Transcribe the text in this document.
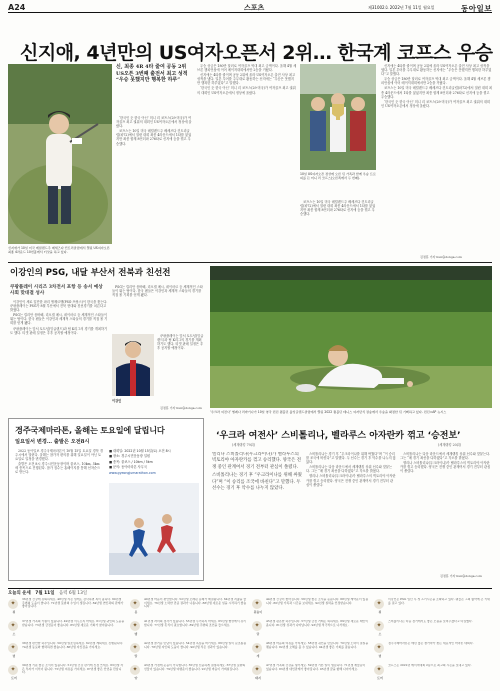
A24	스포츠	제31002호 2022년 7월 11일 월요일	동아일보
신지애, 4년만의 US여자오픈서 2위… 한국계 코프스 우승
신지애가 10일 미국 메릴랜드주 베세즈다 컨트리클럽에서 열린 US여자오픈 최종 4라운드 10번홀에서 티샷을 하고 있다.
신, 최종 4R 4타 줄여 공동 2위 US오픈 3번째 출전서 최고 성적 “우승 못했지만 행복한 하루”

‘한국인 듯 한국 아닌’ 미니 리 코프스(29·미국)가 여자골프 최고 권위의 대회인 US여자오픈에서 정상에 올랐다.

코프스는 10일 미국 메릴랜드주 베세즈다 컨트리클럽(파72)에서 열린 대회 최종 4라운드에서 1타를 잃었지만 최종 합계 8언더파 276타로 신지애 등을 꺾고 우승했다.

우승 상금은 180만 달러로 여자골프 역대 최고 금액이다. 올해 4월 셰브론 챔피언십에 이어 메이저대회에서만 2승을 거뒀다.

신지애는 4타를 줄이며 공동 2위에 올라 US여자오픈 출전 사상 최고 성적을 냈다. 일본 투어를 주무대로 활동하는 신지애는 “우승은 못했지만 행복한 하루였다”고 말했다.

‘한국인 듯 한국 아닌’ 미니 리 코프스(29·미국)가 여자골프 최고 권위의 대회인 US여자오픈에서 정상에 올랐다.

10일 US여자오픈 정상에 오른 뒤 가족과 함께 우승 트로피를 든 미니 리 코프스(오른쪽에서 두 번째).

코프스는 10일 미국 메릴랜드주 베세즈다 컨트리클럽(파72)에서 열린 대회 최종 4라운드에서 1타를 잃었지만 최종 합계 8언더파 276타로 신지애 등을 꺾고 우승했다.

신지애는 4타를 줄이며 공동 2위에 올라 US여자오픈 출전 사상 최고 성적을 냈다. 일본 투어를 주무대로 활동하는 신지애는 “우승은 못했지만 행복한 하루였다”고 말했다.

우승 상금은 180만 달러로 여자골프 역대 최고 금액이다. 올해 4월 셰브론 챔피언십에 이어 메이저대회에서만 2승을 거뒀다.

코프스는 10일 미국 메릴랜드주 베세즈다 컨트리클럽(파72)에서 열린 대회 최종 4라운드에서 1타를 잃었지만 최종 합계 8언더파 276타로 신지애 등을 꺾고 우승했다.

‘한국인 듯 한국 아닌’ 미니 리 코프스(29·미국)가 여자골프 최고 권위의 대회인 US여자오픈에서 정상에 올랐다.

김정훈 기자 hun@donga.com
이강인의 PSG, 내달 부산서 전북과 친선전
쿠팡플레이 시리즈 3차전서 포항 등 송서 예상 사회 맞대결 성사

이강인이 새로 입단한 파리 생제르맹(PSG·프랑스)이 한국을 찾는다. 쿠팡플레이는 PSG가 8월 부산에서 전북 현대와 친선경기를 치른다고 밝혔다.

PSG는 킬리안 음바페, 리오넬 메시, 네이마르 등 세계적인 스타들이 뛰는 팀이다. 한국 팬들은 이강인과 세계적 스타들의 경기를 직접 볼 기회를 얻게 됐다.

쿠팡플레이는 앞서 토트넘(잉글랜드)과 팀 K리그의 경기를 개최하기도 했다. 티켓 판매 일정은 추후 공지할 예정이다.

PSG는 킬리안 음바페, 리오넬 메시, 네이마르 등 세계적인 스타들이 뛰는 팀이다. 한국 팬들은 이강인과 세계적 스타들의 경기를 직접 볼 기회를 얻게 됐다.

이강인

쿠팡플레이는 앞서 토트넘(잉글랜드)과 팀 K리그의 경기를 개최하기도 했다. 티켓 판매 일정은 추후 공지할 예정이다.

김정훈 기자 hun@donga.com
‘우크라 여전사’ 엘레나 리바키나가 10일 영국 런던 윔블던 올잉글랜드클럽에서 열린 2022 윔블던 테니스 여자단식 결승에서 우승을 확정한 뒤 기뻐하고 있다. 런던=AP 뉴시스
‘우크라 여전사’ 스비톨리나, 벨라루스 아자란카 꺾고 ‘승전보’
(세계랭킹 79위)	(세계랭킹 20위)

엘리나 스비톨리나(우크라이나)가 벨라루스의 빅토리야 아자란카를 꺾고 승리했다. 양국은 전쟁 중인 관계여서 경기 전부터 관심이 쏠렸다.

스비톨리나는 경기 후 “우크라이나를 위해 싸웠다”며 “이 승리를 조국에 바친다”고 말했다. 두 선수는 경기 후 악수를 나누지 않았다.

스비톨리나는 경기 후 “우크라이나를 위해 싸웠다”며 “이 승리를 조국에 바친다”고 말했다. 두 선수는 경기 후 악수를 나누지 않았다.

스비톨리나는 다음 라운드에서 세계랭킹 상위 선수와 맞붙는다. 그는 “매 경기 최선을 다하겠다”고 각오를 밝혔다.

엘리나 스비톨리나(우크라이나)가 벨라루스의 빅토리야 아자란카를 꺾고 승리했다. 양국은 전쟁 중인 관계여서 경기 전부터 관심이 쏠렸다.

스비톨리나는 다음 라운드에서 세계랭킹 상위 선수와 맞붙는다. 그는 “매 경기 최선을 다하겠다”고 각오를 밝혔다.

엘리나 스비톨리나(우크라이나)가 벨라루스의 빅토리야 아자란카를 꺾고 승리했다. 양국은 전쟁 중인 관계여서 경기 전부터 관심이 쏠렸다.

김정훈 기자 hun@donga.com
경주국제마라톤, 올해는 토요일에 달립니다
일요일서 변경… 출발은 오전8시

2022 동아일보 경주국제마라톤이 10월 15일 토요일 경북 경주시에서 열린다. 올해는 참가자 편의를 위해 일요일이 아닌 토요일로 일정을 변경했다.

출발은 오전 8시 경주시민운동장이며 풀코스, 10km, 5km 세 종목으로 진행된다. 참가 접수는 홈페이지를 통해 선착순으로 받는다.

■ 대회일: 2022년 10월 15일(토) 오전 8시
■ 장소: 경주시민운동장 일원
■ 종목: 풀코스 / 10km / 5km
■ 문의: 동아마라톤 사무국
www.gyeongjumarathon.com
오늘의 운세 7월 11일 음력 6월 13일
✦
쥐
36년생 건강에 유의하세요. 48년생 작은 일에도 감사하면 복이 옵니다. 60년생 주변의 도움이 큽니다. 72년생 뜻밖의 수입이 생깁니다. 84년생 연인과의 관계가 좋아집니다.
✦
소
37년생 가족의 기쁨이 있습니다. 49년생 서두르지 마세요. 61년생 귀인의 도움을 받습니다. 73년생 금전운이 좋습니다. 85년생 새로운 기회가 찾아옵니다.
✦
범
38년생 편안한 하루입니다. 50년생 말조심하세요. 62년생 계획대로 진행됩니다. 74년생 동료와 협력하면 좋습니다. 86년생 자신감을 가지세요.
✦
토끼
39년생 기분 좋은 소식이 있습니다. 51년생 건강 관리에 신경 쓰세요. 63년생 작은 투자가 이익이 됩니다. 75년생 여유를 가지세요. 87년생 좋은 인연을 만납니다.
✦
용
40년생 마음이 편안합니다. 52년생 오래된 문제가 해결됩니다. 64년생 지출을 줄이세요. 76년생 노력한 만큼 결과가 나옵니다. 88년생 새로운 일을 시작하기 좋습니다.
✦
뱀
41년생 자녀의 경사가 있습니다. 53년생 무리하지 마세요. 65년생 협상에서 유리합니다. 77년생 휴식이 필요합니다. 89년생 주변의 조언을 들으세요.
✦
말
42년생 즐거운 만남이 있습니다. 54년생 욕심을 버리세요. 66년생 일이 순조롭습니다. 78년생 지인의 도움이 큽니다. 90년생 작은 성과가 있습니다.
✦
양
43년생 가정에 웃음이 가득합니다. 55년생 신중하게 결정하세요. 67년생 뜻밖의 선물이 있습니다. 79년생 여행운이 좋습니다. 91년생 마음이 가벼워집니다.
✦
원숭이
44년생 건강이 좋아집니다. 56년생 좋은 소식을 듣습니다. 68년생 계약운이 있습니다. 80년생 가족과 시간을 보내세요. 92년생 실력을 인정받습니다.
✦
닭
45년생 평온한 하루입니다. 57년생 금전 거래는 피하세요. 69년생 새로운 제안이 옵니다. 81년생 성과가 나타납니다. 93년생 적극적으로 나서세요.
✦
개
46년생 마음의 여유를 가지세요. 58년생 귀인을 만납니다. 70년생 노력이 결실을 맺습니다. 82년생 오해를 풀 수 있습니다. 94년생 좋은 기회를 잡습니다.
✦
돼지
47년생 가족의 건강을 챙기세요. 59년생 기쁜 일이 생깁니다. 71년생 재물운이 있습니다. 83년생 대인관계가 좋아집니다. 95년생 꿈을 향해 나아가세요.
✦
쥐
이강인은 PSG 입단 후 첫 프리시즌을 소화하고 있다. 팬들은 그의 활약에 큰 기대를 걸고 있다.
✦
소
스비톨리나는 다음 경기에서도 좋은 모습을 보여주겠다고 다짐했다.
✦
범
경주국제마라톤은 매년 많은 참가자가 찾는 대표적인 마라톤 대회다.
✦
토끼
코프스는 2022년 메이저대회 2승으로 최고의 시즌을 보내고 있다.
